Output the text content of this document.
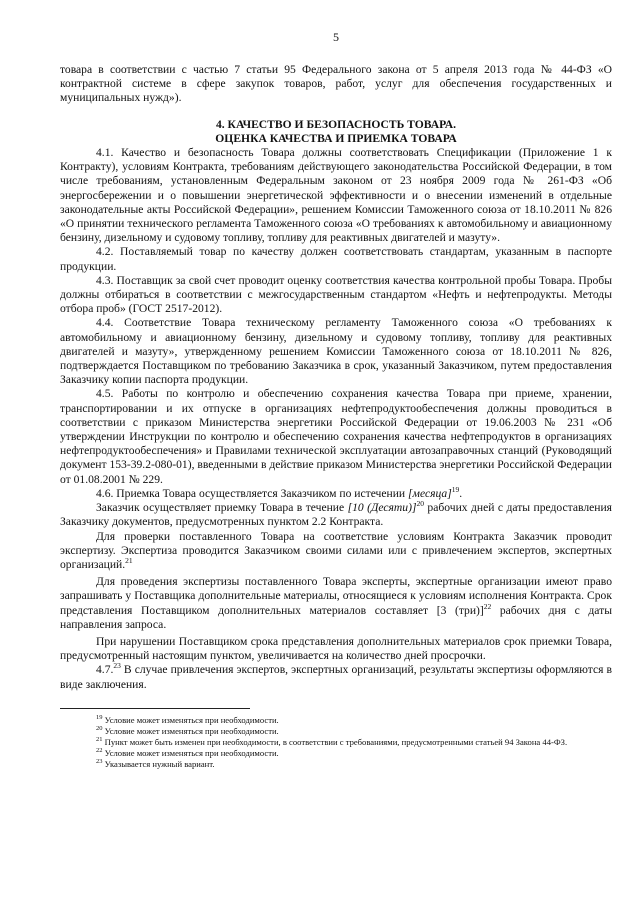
5

товара в соответствии с частью 7 статьи 95 Федерального закона от 5 апреля 2013 года № 44-ФЗ «О контрактной системе в сфере закупок товаров, работ, услуг для обеспечения государственных и муниципальных нужд»).

4. КАЧЕСТВО И БЕЗОПАСНОСТЬ ТОВАРА.
ОЦЕНКА КАЧЕСТВА И ПРИЕМКА ТОВАРА

4.1. Качество и безопасность Товара должны соответствовать Спецификации (Приложение 1 к Контракту), условиям Контракта, требованиям действующего законодательства Российской Федерации, в том числе требованиям, установленным Федеральным законом от 23 ноября 2009 года № 261-ФЗ «Об энергосбережении и о повышении энергетической эффективности и о внесении изменений в отдельные законодательные акты Российской Федерации», решением Комиссии Таможенного союза от 18.10.2011 № 826 «О принятии технического регламента Таможенного союза «О требованиях к автомобильному и авиационному бензину, дизельному и судовому топливу, топливу для реактивных двигателей и мазуту».

4.2. Поставляемый товар по качеству должен соответствовать стандартам, указанным в паспорте продукции.

4.3. Поставщик за свой счет проводит оценку соответствия качества контрольной пробы Товара. Пробы должны отбираться в соответствии с межгосударственным стандартом «Нефть и нефтепродукты. Методы отбора проб» (ГОСТ 2517-2012).

4.4. Соответствие Товара техническому регламенту Таможенного союза «О требованиях к автомобильному и авиационному бензину, дизельному и судовому топливу, топливу для реактивных двигателей и мазуту», утвержденному решением Комиссии Таможенного союза от 18.10.2011 № 826, подтверждается Поставщиком по требованию Заказчика в срок, указанный Заказчиком, путем предоставления Заказчику копии паспорта продукции.

4.5. Работы по контролю и обеспечению сохранения качества Товара при приеме, хранении, транспортировании и их отпуске в организациях нефтепродуктообеспечения должны проводиться в соответствии с приказом Министерства энергетики Российской Федерации от 19.06.2003 № 231 «Об утверждении Инструкции по контролю и обеспечению сохранения качества нефтепродуктов в организациях нефтепродуктообеспечения» и Правилами технической эксплуатации автозаправочных станций (Руководящий документ 153-39.2-080-01), введенными в действие приказом Министерства энергетики Российской Федерации от 01.08.2001 № 229.

4.6. Приемка Товара осуществляется Заказчиком по истечении [месяца]$^{19}$.

Заказчик осуществляет приемку Товара в течение [10 (Десяти)]$^{20}$ рабочих дней с даты предоставления Заказчику документов, предусмотренных пунктом 2.2 Контракта.

Для проверки поставленного Товара на соответствие условиям Контракта Заказчик проводит экспертизу. Экспертиза проводится Заказчиком своими силами или с привлечением экспертов, экспертных организаций.$^{21}$

Для проведения экспертизы поставленного Товара эксперты, экспертные организации имеют право запрашивать у Поставщика дополнительные материалы, относящиеся к условиям исполнения Контракта. Срок представления Поставщиком дополнительных материалов составляет [3 (три)]$^{22}$ рабочих дня с даты направления запроса.

При нарушении Поставщиком срока представления дополнительных материалов срок приемки Товара, предусмотренный настоящим пунктом, увеличивается на количество дней просрочки.

4.7.23 В случае привлечения экспертов, экспертных организаций, результаты экспертизы оформляются в виде заключения.

$^{19}$ Условие может изменяться при необходимости.

$^{20}$ Условие может изменяться при необходимости.

$^{21}$ Пункт может быть изменен при необходимости, в соответствии с требованиями, предусмотренными статьей 94 Закона 44-ФЗ.

$^{22}$ Условие может изменяться при необходимости.

$^{23}$ Указывается нужный вариант.
